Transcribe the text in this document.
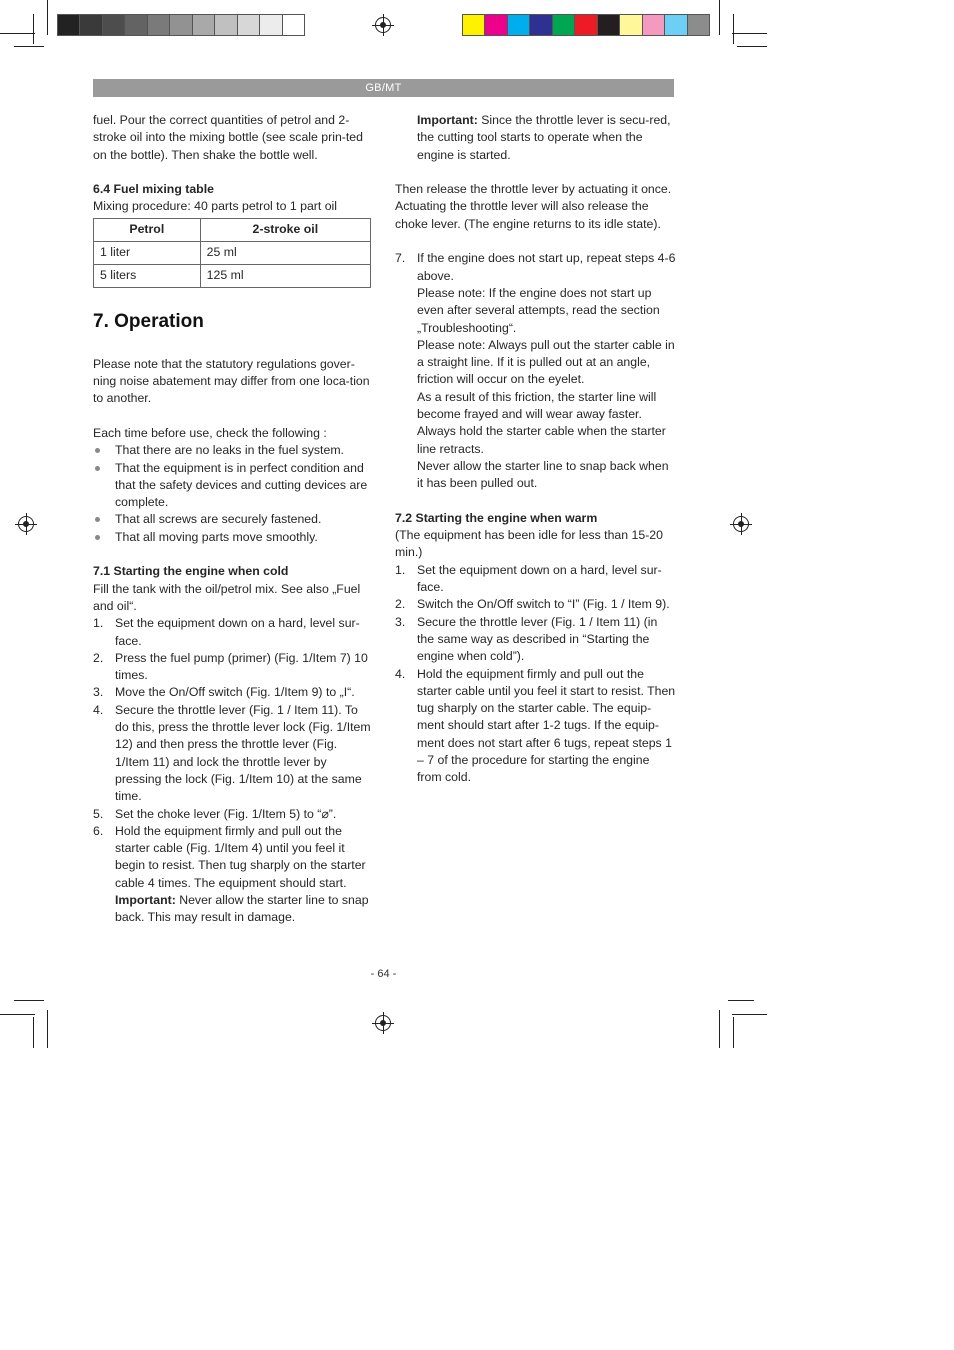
GB/MT

fuel. Pour the correct quantities of petrol and 2-stroke oil into the mixing bottle (see scale prin-ted on the bottle). Then shake the bottle well.

6.4 Fuel mixing table

Mixing procedure: 40 parts petrol to 1 part oil

Petrol	2-stroke oil
1 liter	25 ml
5 liters	125 ml

7. Operation

Please note that the statutory regulations gover-ning noise abatement may differ from one loca-tion to another.

Each time before use, check the following :

That there are no leaks in the fuel system.

That the equipment is in perfect condition and that the safety devices and cutting devices are complete.

That all screws are securely fastened.

That all moving parts move smoothly.

7.1 Starting the engine when cold

Fill the tank with the oil/petrol mix. See also „Fuel and oil“.

1. Set the equipment down on a hard, level sur-face.
2. Press the fuel pump (primer) (Fig. 1/Item 7) 10 times.
3. Move the On/Off switch (Fig. 1/Item 9) to „I“.
4. Secure the throttle lever (Fig. 1 / Item 11). To do this, press the throttle lever lock (Fig. 1/Item 12) and then press the throttle lever (Fig. 1/Item 11) and lock the throttle lever by pressing the lock (Fig. 1/Item 10) at the same time.
5. Set the choke lever (Fig. 1/Item 5) to “⌀”.
6. Hold the equipment firmly and pull out the starter cable (Fig. 1/Item 4) until you feel it begin to resist. Then tug sharply on the starter cable 4 times. The equipment should start.

Important: Never allow the starter line to snap back. This may result in damage.

Important: Since the throttle lever is secu-red, the cutting tool starts to operate when the engine is started.

Then release the throttle lever by actuating it once. Actuating the throttle lever will also release the choke lever. (The engine returns to its idle state).

7. If the engine does not start up, repeat steps 4-6 above.

Please note: If the engine does not start up even after several attempts, read the section „Troubleshooting“.

Please note: Always pull out the starter cable in a straight line. If it is pulled out at an angle, friction will occur on the eyelet.

As a result of this friction, the starter line will become frayed and will wear away faster.

Always hold the starter cable when the starter line retracts.

Never allow the starter line to snap back when it has been pulled out.

7.2 Starting the engine when warm

(The equipment has been idle for less than 15-20 min.)

1. Set the equipment down on a hard, level sur-face.
2. Switch the On/Off switch to “I” (Fig. 1 / Item 9).
3. Secure the throttle lever (Fig. 1 / Item 11) (in the same way as described in “Starting the engine when cold”).
4. Hold the equipment firmly and pull out the starter cable until you feel it start to resist. Then tug sharply on the starter cable. The equip-ment should start after 1-2 tugs. If the equip-ment does not start after 6 tugs, repeat steps 1 – 7 of the procedure for starting the engine from cold.
- 64 -
